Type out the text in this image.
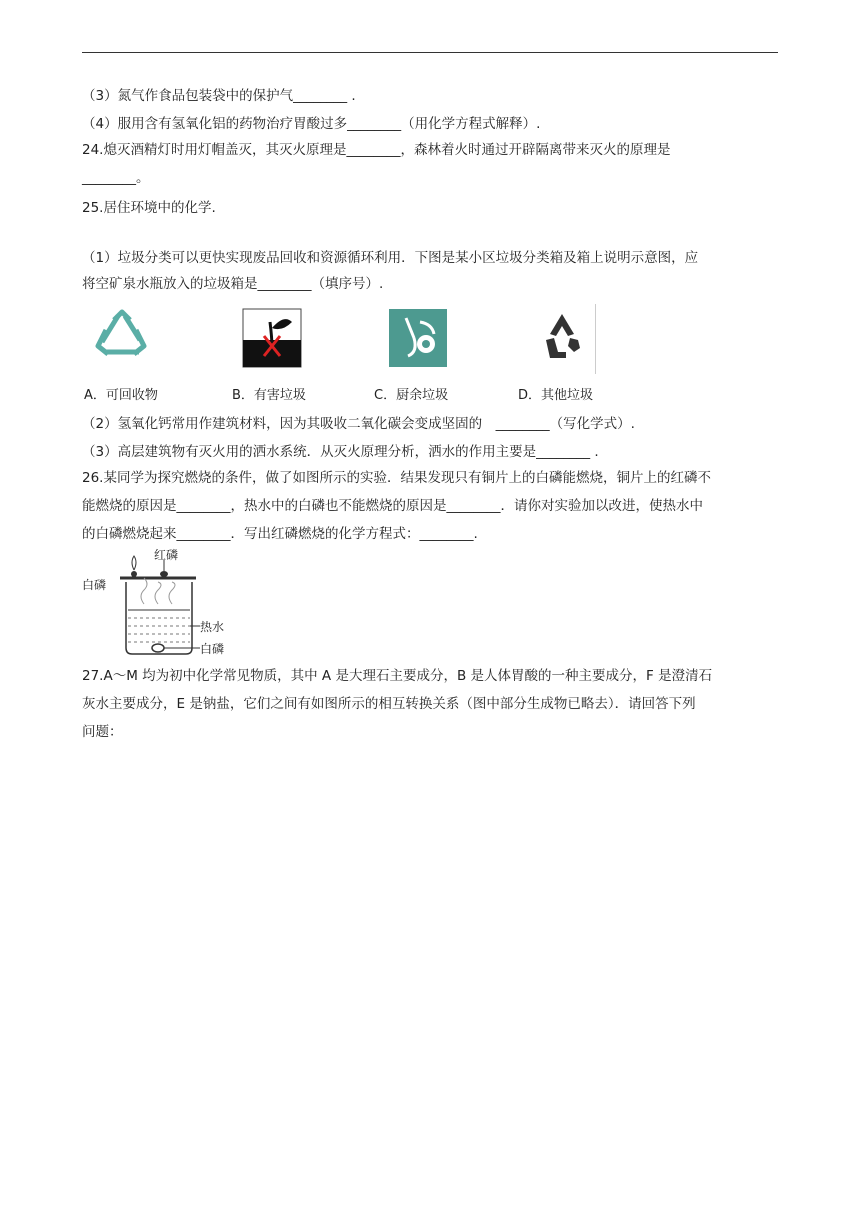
（3）氮气作食品包装袋中的保护气________ .
（4）服用含有氢氧化铝的药物治疗胃酸过多________（用化学方程式解释）.
24.熄灭酒精灯时用灯帽盖灭，其灭火原理是________，森林着火时通过开辟隔离带来灭火的原理是
________。
25.居住环境中的化学.
（1）垃圾分类可以更快实现废品回收和资源循环利用．下图是某小区垃圾分类箱及箱上说明示意图，应
将空矿泉水瓶放入的垃圾箱是________（填序号）.
A．可回收物	B．有害垃圾	C．厨余垃圾	D．其他垃圾
（2）氢氧化钙常用作建筑材料，因为其吸收二氧化碳会变成坚固的　________（写化学式）.
（3）高层建筑物有灭火用的洒水系统．从灭火原理分析，洒水的作用主要是________ .
26.某同学为探究燃烧的条件，做了如图所示的实验．结果发现只有铜片上的白磷能燃烧，铜片上的红磷不
能燃烧的原因是________，热水中的白磷也不能燃烧的原因是________．请你对实验加以改进，使热水中
的白磷燃烧起来________．写出红磷燃烧的化学方程式：________.
红磷
白磷
热水
白磷
27.A～M 均为初中化学常见物质，其中 A 是大理石主要成分，B 是人体胃酸的一种主要成分，F 是澄清石
灰水主要成分，E 是钠盐，它们之间有如图所示的相互转换关系（图中部分生成物已略去）．请回答下列
问题：
